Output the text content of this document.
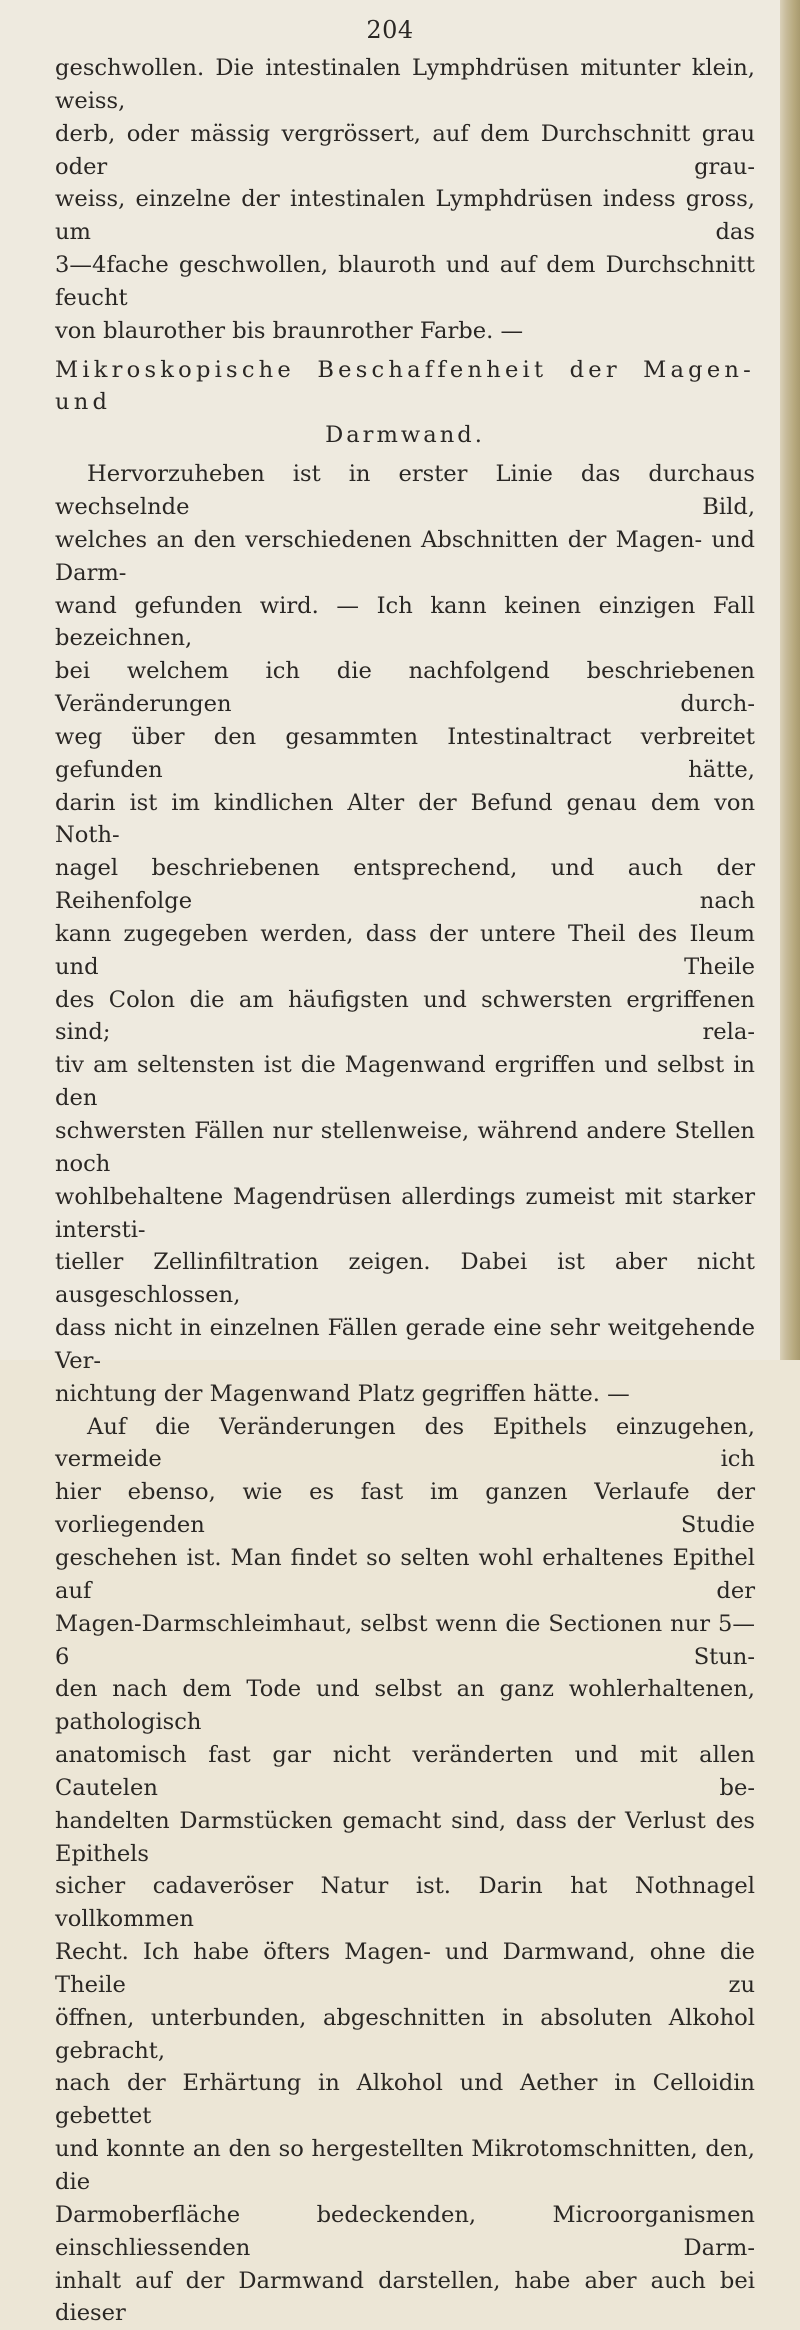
204
geschwollen. Die intestinalen Lymphdrüsen mitunter klein, weiss,
derb, oder mässig vergrössert, auf dem Durchschnitt grau oder grau-
weiss, einzelne der intestinalen Lymphdrüsen indess gross, um das
3—4fache geschwollen, blauroth und auf dem Durchschnitt feucht
von blaurother bis braunrother Farbe. —
Mikroskopische Beschaffenheit der Magen- und
Darmwand.
Hervorzuheben ist in erster Linie das durchaus wechselnde Bild,
welches an den verschiedenen Abschnitten der Magen- und Darm-
wand gefunden wird. — Ich kann keinen einzigen Fall bezeichnen,
bei welchem ich die nachfolgend beschriebenen Veränderungen durch-
weg über den gesammten Intestinaltract verbreitet gefunden hätte,
darin ist im kindlichen Alter der Befund genau dem von Noth-
nagel beschriebenen entsprechend, und auch der Reihenfolge nach
kann zugegeben werden, dass der untere Theil des Ileum und Theile
des Colon die am häufigsten und schwersten ergriffenen sind; rela-
tiv am seltensten ist die Magenwand ergriffen und selbst in den
schwersten Fällen nur stellenweise, während andere Stellen noch
wohlbehaltene Magendrüsen allerdings zumeist mit starker intersti-
tieller Zellinfiltration zeigen. Dabei ist aber nicht ausgeschlossen,
dass nicht in einzelnen Fällen gerade eine sehr weitgehende Ver-
nichtung der Magenwand Platz gegriffen hätte. —
Auf die Veränderungen des Epithels einzugehen, vermeide ich
hier ebenso, wie es fast im ganzen Verlaufe der vorliegenden Studie
geschehen ist. Man findet so selten wohl erhaltenes Epithel auf der
Magen-Darmschleimhaut, selbst wenn die Sectionen nur 5—6 Stun-
den nach dem Tode und selbst an ganz wohlerhaltenen, pathologisch
anatomisch fast gar nicht veränderten und mit allen Cautelen be-
handelten Darmstücken gemacht sind, dass der Verlust des Epithels
sicher cadaveröser Natur ist. Darin hat Nothnagel vollkommen
Recht. Ich habe öfters Magen- und Darmwand, ohne die Theile zu
öffnen, unterbunden, abgeschnitten in absoluten Alkohol gebracht,
nach der Erhärtung in Alkohol und Aether in Celloidin gebettet
und konnte an den so hergestellten Mikrotomschnitten, den, die
Darmoberfläche bedeckenden, Microorganismen einschliessenden Darm-
inhalt auf der Darmwand darstellen, habe aber auch bei dieser
